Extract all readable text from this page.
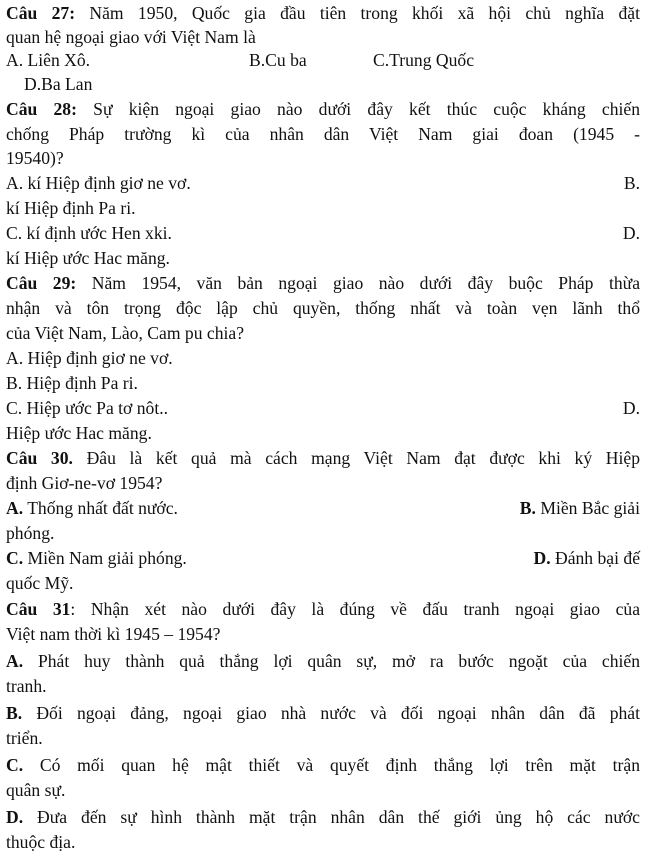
Câu 27: Năm 1950, Quốc gia đầu tiên trong khối xã hội chủ nghĩa đặt
quan hệ ngoại giao với Việt Nam là
A. Liên Xô.	B.Cu ba	C.Trung Quốc
D.Ba Lan
Câu 28: Sự kiện ngoại giao nào dưới đây kết thúc cuộc kháng chiến
chống Pháp trường kì của nhân dân Việt Nam giai đoan (1945 -
19540)?
A. kí Hiệp định giơ ne vơ.	B.
kí Hiệp định Pa ri.
C. kí định ước Hen xki.	D.
kí Hiệp ước Hac măng.
Câu 29: Năm 1954, văn bản ngoại giao nào dưới đây buộc Pháp thừa
nhận và tôn trọng độc lập chủ quyền, thống nhất và toàn vẹn lãnh thổ
của Việt Nam, Lào, Cam pu chia?
A. Hiệp định giơ ne vơ.
B. Hiệp định Pa ri.
C. Hiệp ước Pa tơ nôt..	D.
Hiệp ước Hac măng.
Câu 30. Đâu là kết quả mà cách mạng Việt Nam đạt được khi ký Hiệp
định Giơ-ne-vơ 1954?
A. Thống nhất đất nước.	B. Miền Bắc giải
phóng.
C. Miền Nam giải phóng.	D. Đánh bại đế
quốc Mỹ.
Câu 31: Nhận xét nào dưới đây là đúng về đấu tranh ngoại giao của
Việt nam thời kì 1945 – 1954?
A. Phát huy thành quả thắng lợi quân sự, mở ra bước ngoặt của chiến
tranh.
B. Đối ngoại đảng, ngoại giao nhà nước và đối ngoại nhân dân đã phát
triển.
C. Có mối quan hệ mật thiết và quyết định thắng lợi trên mặt trận
quân sự.
D. Đưa đến sự hình thành mặt trận nhân dân thế giới ủng hộ các nước
thuộc địa.
